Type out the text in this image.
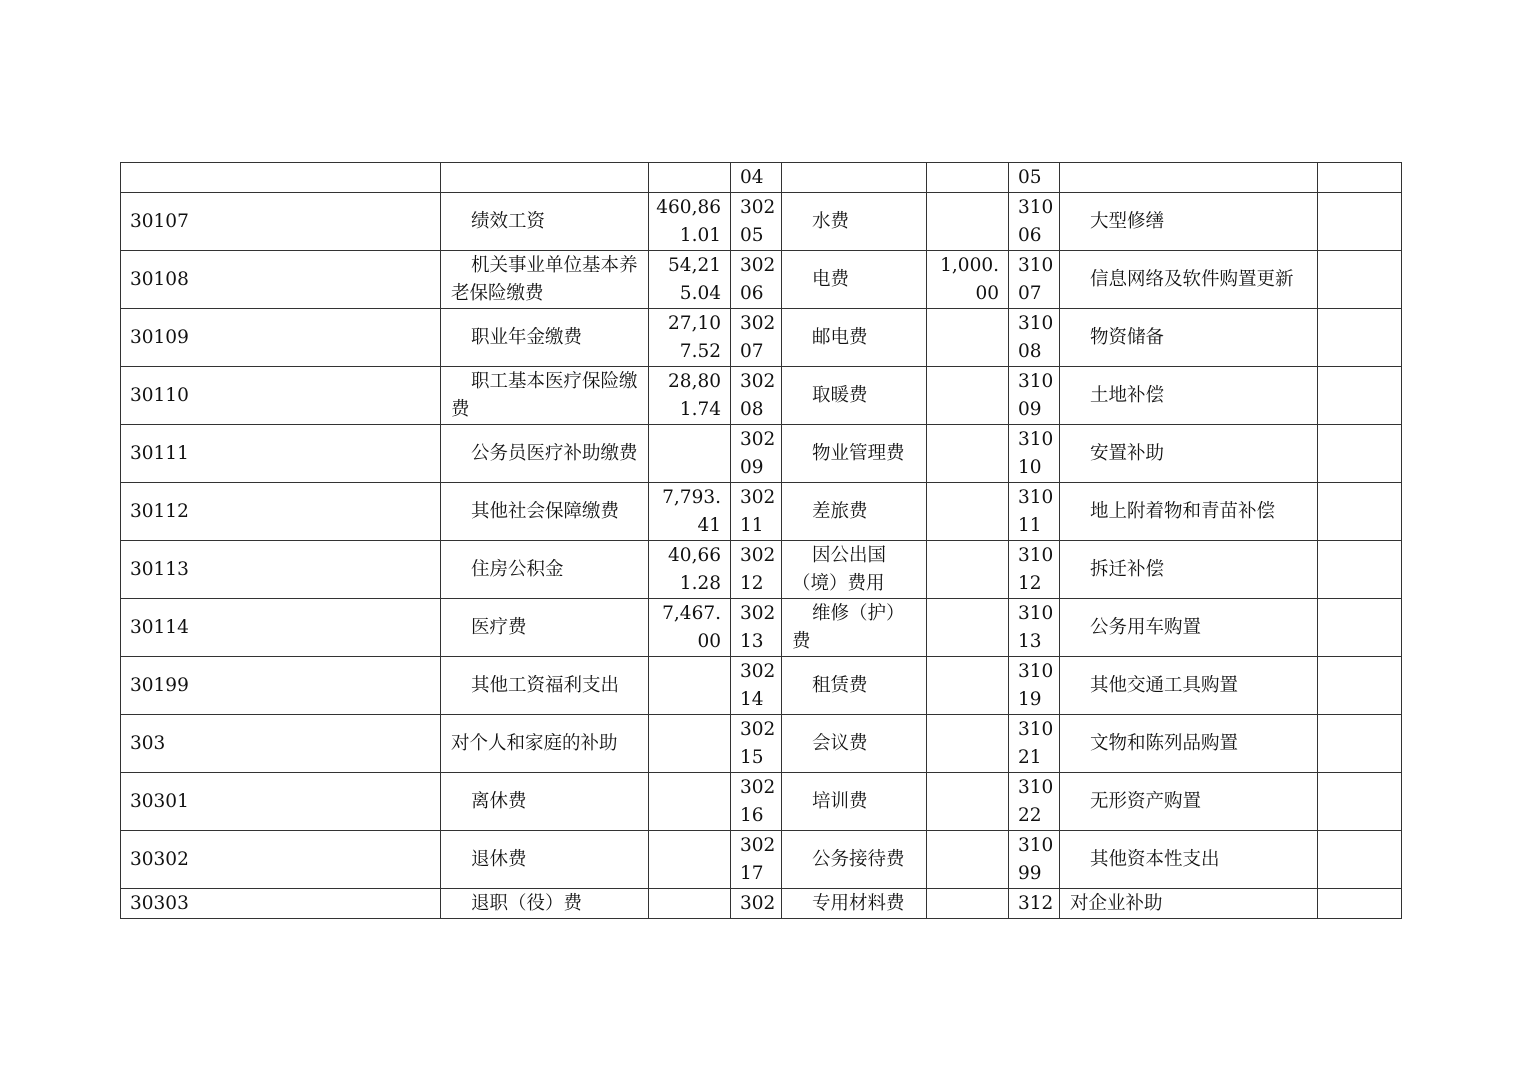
			04			05		
30107	绩效工资	460,861.01	30205	水费		31006	大型修缮	
30108	机关事业单位基本养老保险缴费	54,215.04	30206	电费	1,000.00	31007	信息网络及软件购置更新	
30109	职业年金缴费	27,107.52	30207	邮电费		31008	物资储备	
30110	职工基本医疗保险缴费	28,801.74	30208	取暖费		31009	土地补偿	
30111	公务员医疗补助缴费		30209	物业管理费		31010	安置补助	
30112	其他社会保障缴费	7,793.41	30211	差旅费		31011	地上附着物和青苗补偿	
30113	住房公积金	40,661.28	30212	因公出国（境）费用		31012	拆迁补偿	
30114	医疗费	7,467.00	30213	维修（护）费		31013	公务用车购置	
30199	其他工资福利支出		30214	租赁费		31019	其他交通工具购置	
303	对个人和家庭的补助		30215	会议费		31021	文物和陈列品购置	
30301	离休费		30216	培训费		31022	无形资产购置	
30302	退休费		30217	公务接待费		31099	其他资本性支出	
30303	退职（役）费		302	专用材料费		312	对企业补助	
